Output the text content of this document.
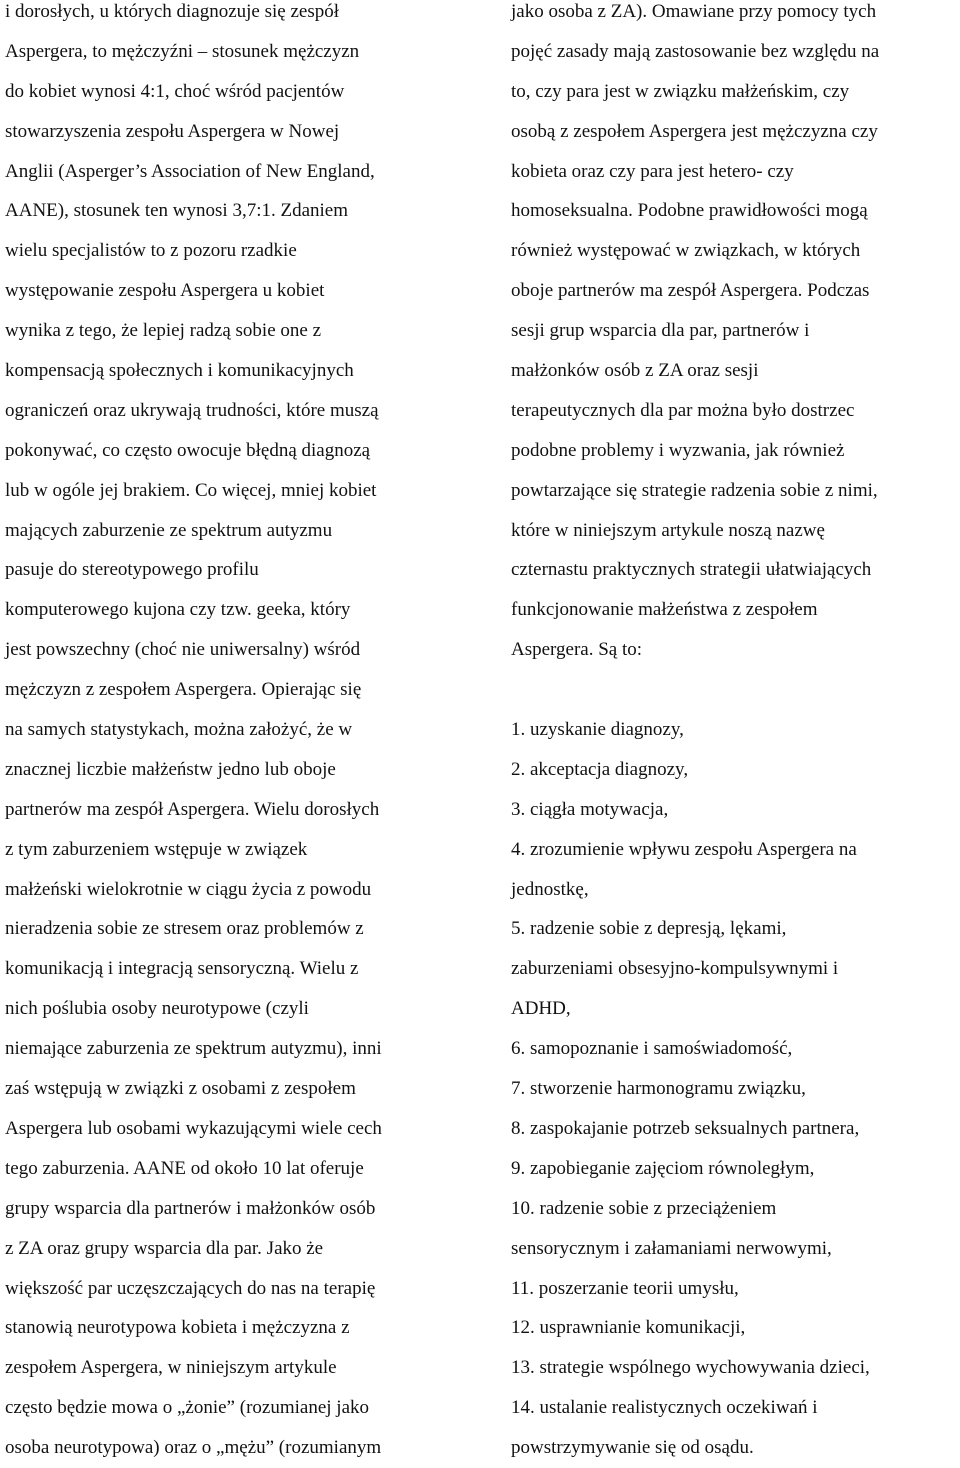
i dorosłych, u których diagnozuje się zespół
Aspergera, to mężczyźni – stosunek mężczyzn
do kobiet wynosi 4:1, choć wśród pacjentów
stowarzyszenia zespołu Aspergera w Nowej
Anglii (Asperger’s Association of New England,
AANE), stosunek ten wynosi 3,7:1. Zdaniem
wielu specjalistów to z pozoru rzadkie
występowanie zespołu Aspergera u kobiet
wynika z tego, że lepiej radzą sobie one z
kompensacją społecznych i komunikacyjnych
ograniczeń oraz ukrywają trudności, które muszą
pokonywać, co często owocuje błędną diagnozą
lub w ogóle jej brakiem. Co więcej, mniej kobiet
mających zaburzenie ze spektrum autyzmu
pasuje do stereotypowego profilu
komputerowego kujona czy tzw. geeka, który
jest powszechny (choć nie uniwersalny) wśród
mężczyzn z zespołem Aspergera. Opierając się
na samych statystykach, można założyć, że w
znacznej liczbie małżeństw jedno lub oboje
partnerów ma zespół Aspergera. Wielu dorosłych
z tym zaburzeniem wstępuje w związek
małżeński wielokrotnie w ciągu życia z powodu
nieradzenia sobie ze stresem oraz problemów z
komunikacją i integracją sensoryczną. Wielu z
nich poślubia osoby neurotypowe (czyli
niemające zaburzenia ze spektrum autyzmu), inni
zaś wstępują w związki z osobami z zespołem
Aspergera lub osobami wykazującymi wiele cech
tego zaburzenia. AANE od około 10 lat oferuje
grupy wsparcia dla partnerów i małżonków osób
z ZA oraz grupy wsparcia dla par. Jako że
większość par uczęszczających do nas na terapię
stanowią neurotypowa kobieta i mężczyzna z
zespołem Aspergera, w niniejszym artykule
często będzie mowa o „żonie” (rozumianej jako
osoba neurotypowa) oraz o „mężu” (rozumianym
jako osoba z ZA). Omawiane przy pomocy tych
pojęć zasady mają zastosowanie bez względu na
to, czy para jest w związku małżeńskim, czy
osobą z zespołem Aspergera jest mężczyzna czy
kobieta oraz czy para jest hetero- czy
homoseksualna. Podobne prawidłowości mogą
również występować w związkach, w których
oboje partnerów ma zespół Aspergera. Podczas
sesji grup wsparcia dla par, partnerów i
małżonków osób z ZA oraz sesji
terapeutycznych dla par można było dostrzec
podobne problemy i wyzwania, jak również
powtarzające się strategie radzenia sobie z nimi,
które w niniejszym artykule noszą nazwę
czternastu praktycznych strategii ułatwiających
funkcjonowanie małżeństwa z zespołem
Aspergera. Są to:
1. uzyskanie diagnozy,
2. akceptacja diagnozy,
3. ciągła motywacja,
4. zrozumienie wpływu zespołu Aspergera na
jednostkę,
5. radzenie sobie z depresją, lękami,
zaburzeniami obsesyjno-kompulsywnymi i
ADHD,
6. samopoznanie i samoświadomość,
7. stworzenie harmonogramu związku,
8. zaspokajanie potrzeb seksualnych partnera,
9. zapobieganie zajęciom równoległym,
10. radzenie sobie z przeciążeniem
sensorycznym i załamaniami nerwowymi,
11. poszerzanie teorii umysłu,
12. usprawnianie komunikacji,
13. strategie wspólnego wychowywania dzieci,
14. ustalanie realistycznych oczekiwań i
powstrzymywanie się od osądu.
